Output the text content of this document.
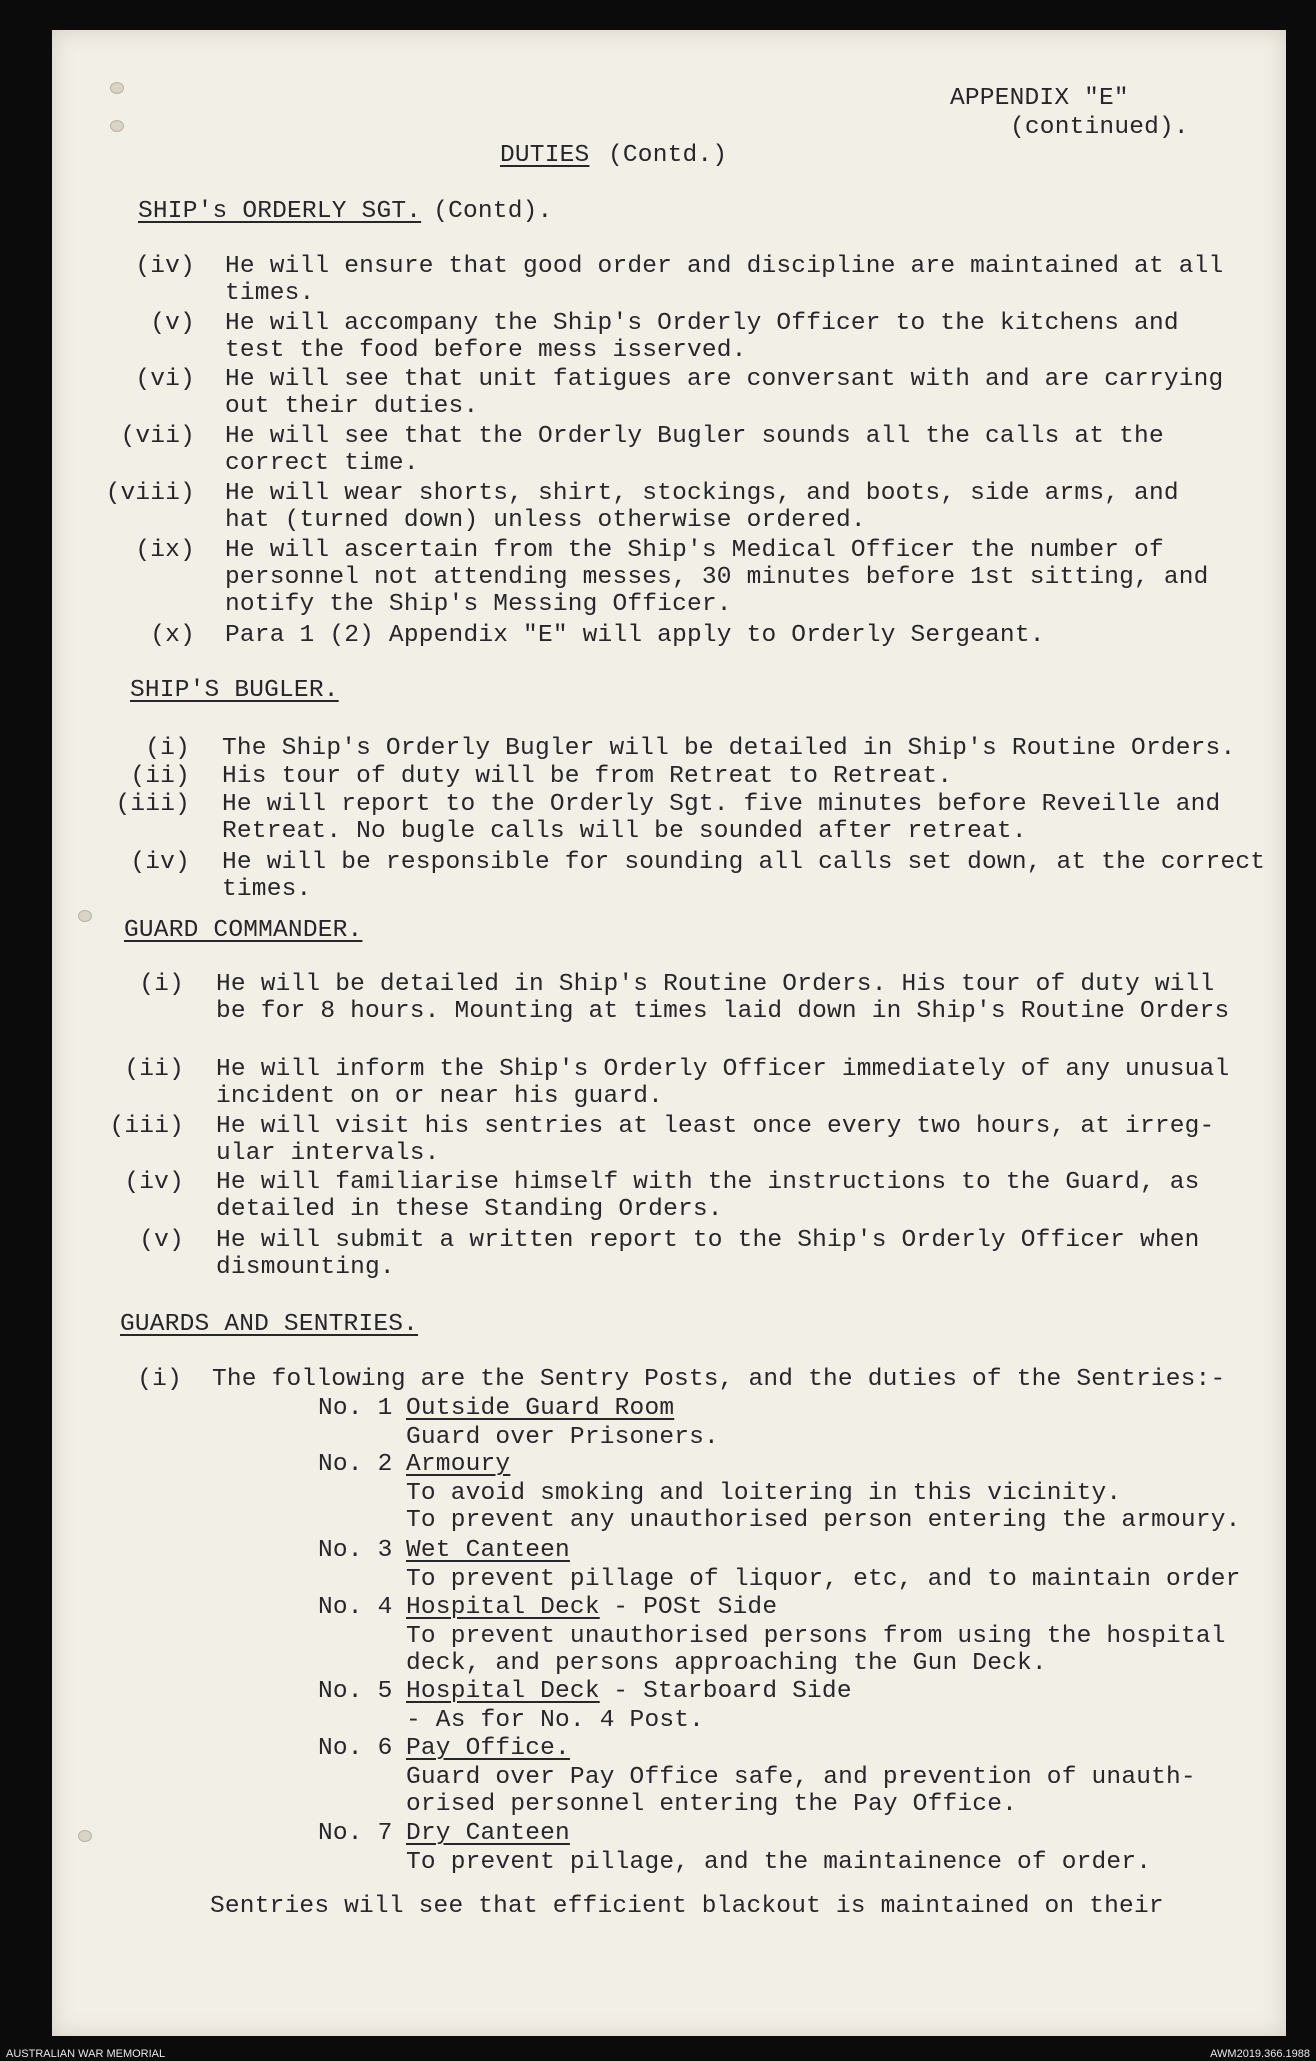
APPENDIX "E"
(continued).
DUTIES (Contd.)
SHIP's ORDERLY SGT. (Contd).
(iv) He will ensure that good order and discipline are maintained at all
times.
(v) He will accompany the Ship's Orderly Officer to the kitchens and
test the food before mess isserved.
(vi) He will see that unit fatigues are conversant with and are carrying
out their duties.
(vii) He will see that the Orderly Bugler sounds all the calls at the
correct time.
(viii) He will wear shorts, shirt, stockings, and boots, side arms, and
hat (turned down) unless otherwise ordered.
(ix) He will ascertain from the Ship's Medical Officer the number of
personnel not attending messes, 30 minutes before 1st sitting, and
notify the Ship's Messing Officer.
(x) Para 1 (2) Appendix "E" will apply to Orderly Sergeant.
SHIP'S BUGLER.
(i) The Ship's Orderly Bugler will be detailed in Ship's Routine Orders.
(ii) His tour of duty will be from Retreat to Retreat.
(iii) He will report to the Orderly Sgt. five minutes before Reveille and
Retreat. No bugle calls will be sounded after retreat.
(iv) He will be responsible for sounding all calls set down, at the correct
times.
GUARD COMMANDER.
(i) He will be detailed in Ship's Routine Orders. His tour of duty will
be for 8 hours. Mounting at times laid down in Ship's Routine Orders
(ii) He will inform the Ship's Orderly Officer immediately of any unusual
incident on or near his guard.
(iii) He will visit his sentries at least once every two hours, at irreg-
ular intervals.
(iv) He will familiarise himself with the instructions to the Guard, as
detailed in these Standing Orders.
(v) He will submit a written report to the Ship's Orderly Officer when
dismounting.
GUARDS AND SENTRIES.
(i) The following are the Sentry Posts, and the duties of the Sentries:-
No. 1 Outside Guard Room
Guard over Prisoners.
No. 2 Armoury
To avoid smoking and loitering in this vicinity.
To prevent any unauthorised person entering the armoury.
No. 3 Wet Canteen
To prevent pillage of liquor, etc, and to maintain order
No. 4 Hospital Deck
- POSt Side
To prevent unauthorised persons from using the hospital
deck, and persons approaching the Gun Deck.
No. 5 Hospital Deck
- Starboard Side
- As for No. 4 Post.
No. 6 Pay Office.
Guard over Pay Office safe, and prevention of unauth-
orised personnel entering the Pay Office.
No. 7 Dry Canteen
To prevent pillage, and the maintainence of order.
Sentries will see that efficient blackout is maintained on their
AUSTRALIAN WAR MEMORIAL	AWM2019.366.1988
